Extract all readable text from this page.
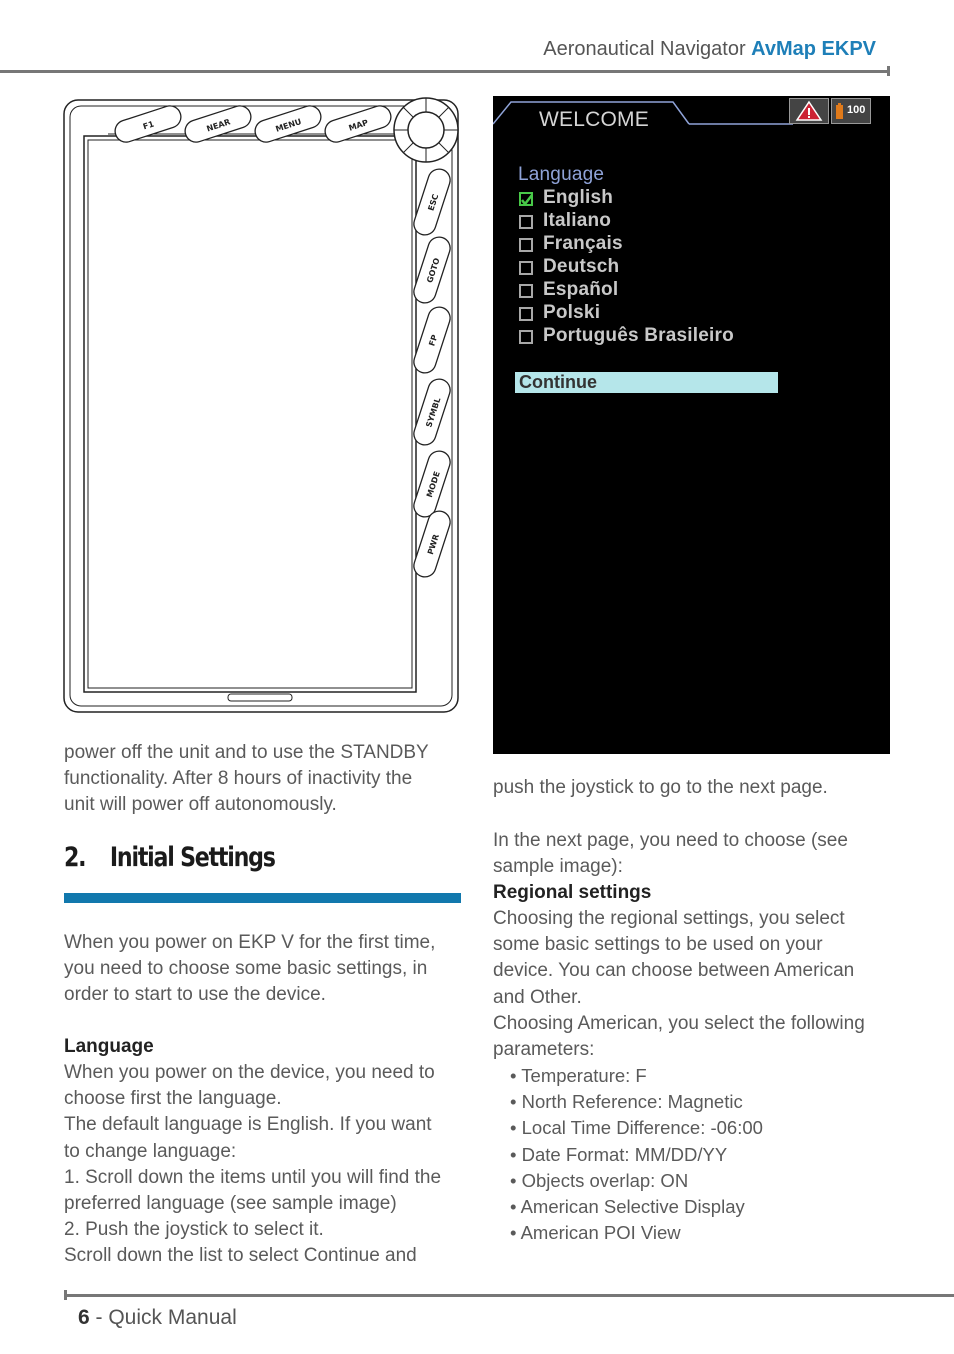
Aeronautical Navigator AvMap EKPV
F1	NEAR	MENU	MAP
ESC
GOTO
FP
SYMBL
MODE
PWR
power off the unit and to use the STANDBY
functionality. After 8 hours of inactivity the
unit will power off autonomously.
2. Initial Settings
When you power on EKP V for the first time,
you need to choose some basic settings, in
order to start to use the device.
Language
When you power on the device, you need to
choose first the language.
The default language is English. If you want
to change language:
1. Scroll down the items until you will find the
preferred language (see sample image)
2. Push the joystick to select it.
Scroll down the list to select Continue and
WELCOME	100
Language
English
Italiano
Français
Deutsch
Español
Polski
Português Brasileiro
Continue
push the joystick to go to the next page.
In the next page, you need to choose (see
sample image):
Regional settings
Choosing the regional settings, you select
some basic settings to be used on your
device. You can choose between American
and Other.
Choosing American, you select the following
parameters:
• Temperature: F
• North Reference: Magnetic
• Local Time Difference: -06:00
• Date Format: MM/DD/YY
• Objects overlap: ON
• American Selective Display
• American POI View
6 - Quick Manual
